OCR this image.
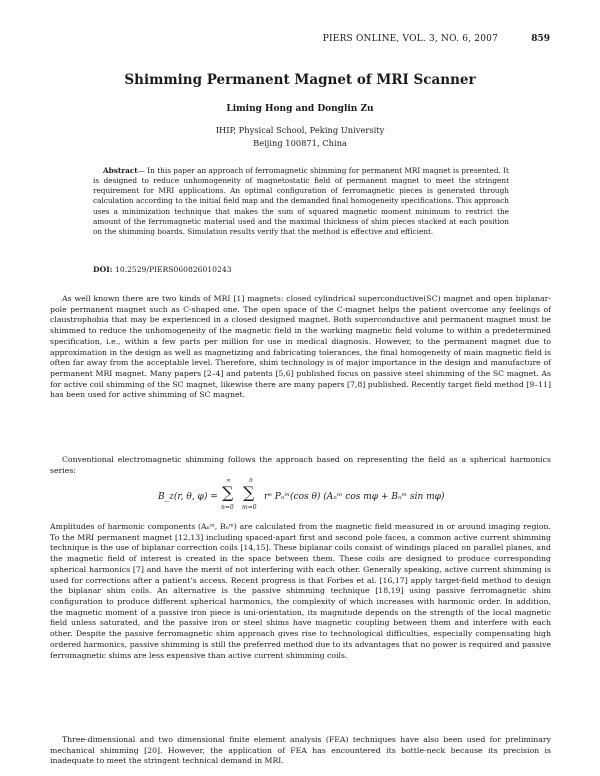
PIERS ONLINE, VOL. 3, NO. 6, 2007	859
Shimming Permanent Magnet of MRI Scanner
Liming Hong and Donglin Zu
IHIP, Physical School, Peking University
Beijing 100871, China
Abstract— In this paper an approach of ferromagnetic shimming for permanent MRI magnet is presented. It is designed to reduce unhomogeneity of magnetostatic field of permanent magnet to meet the stringent requirement for MRI applications. An optimal configuration of ferromagnetic pieces is generated through calculation according to the initial field map and the demanded final homogeneity specifications. This approach uses a minimization technique that makes the sum of squared magnetic moment minimum to restrict the amount of the ferromagnetic material used and the maximal thickness of shim pieces stacked at each position on the shimming boards. Simulation results verify that the method is effective and efficient.
DOI: 10.2529/PIERS060826010243

As well known there are two kinds of MRI [1] magnets: closed cylindrical superconductive(SC) magnet and open biplanar-pole permanent magnet such as C-shaped one. The open space of the C-magnet helps the patient overcome any feelings of claustrophobia that may be experienced in a closed designed magnet. Both superconductive and permanent magnet must be shimmed to reduce the unhomogeneity of the magnetic field in the working magnetic field volume to within a predetermined specification, i.e., within a few parts per million for use in medical diagnosis. However, to the permanent magnet due to approximation in the design as well as magnetizing and fabricating tolerances, the final homogeneity of main magnetic field is often far away from the acceptable level. Therefore, shim technology is of major importance in the design and manufacture of permanent MRI magnet. Many papers [2–4] and patents [5,6] published focus on passive steel shimming of the SC magnet. As for active coil shimming of the SC magnet, likewise there are many papers [7,8] published. Recently target field method [9–11] has been used for active shimming of SC magnet.

Conventional electromagnetic shimming follows the approach based on representing the field as a spherical harmonics series:

B_z(r, θ, φ) = ∑
∞
n=0
∑
n
m=0
rⁿ Pₙᵐ(cos θ) (Aₙᵐ cos mφ + Bₙᵐ sin mφ)

Amplitudes of harmonic components (Aₙᵐ, Bₙᵐ) are calculated from the magnetic field measured in or around imaging region. To the MRI permanent magnet [12,13] including spaced-apart first and second pole faces, a common active current shimming technique is the use of biplanar correction coils [14,15]. These biplanar coils consist of windings placed on parallel planes, and the magnetic field of interest is created in the space between them. These coils are designed to produce corresponding spherical harmonics [7] and have the merit of not interfering with each other. Generally speaking, active current shimming is used for corrections after a patient’s access. Recent progress is that Forbes et al. [16,17] apply target-field method to design the biplanar shim coils. An alternative is the passive shimming technique [18,19] using passive ferromagnetic shim configuration to produce different spherical harmonics, the complexity of which increases with harmonic order. In addition, the magnetic moment of a passive iron piece is uni-orientation, its magnitude depends on the strength of the local magnetic field unless saturated, and the passive iron or steel shims have magnetic coupling between them and interfere with each other. Despite the passive ferromagnetic shim approach gives rise to technological difficulties, especially compensating high ordered harmonics, passive shimming is still the preferred method due to its advantages that no power is required and passive ferromagnetic shims are less expensive than active current shimming coils.

Three-dimensional and two dimensional finite element analysis (FEA) techniques have also been used for preliminary mechanical shimming [20]. However, the application of FEA has encountered its bottle-neck because its precision is inadequate to meet the stringent technical demand in MRI.
